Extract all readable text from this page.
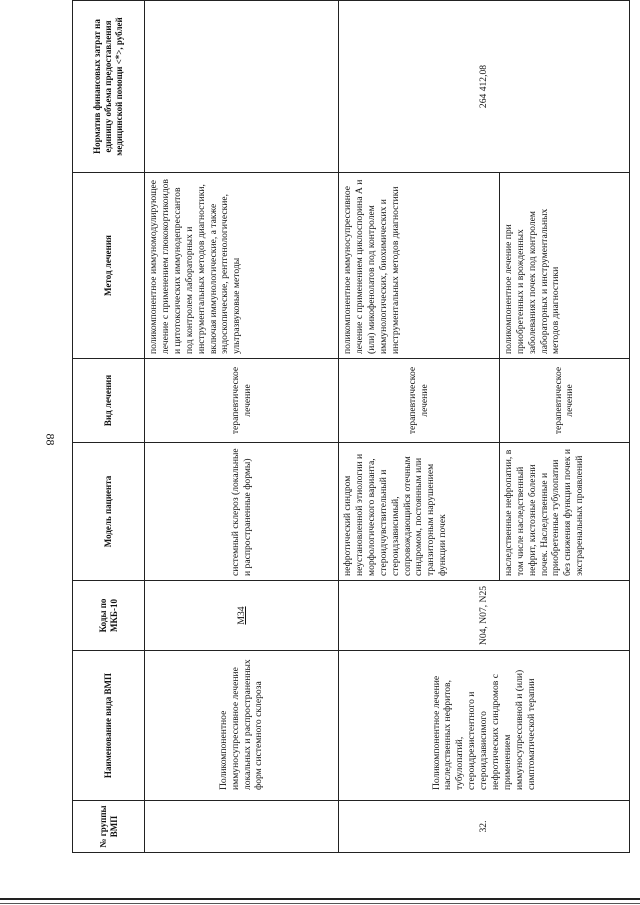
88
№ группы ВМП	Наименование вида ВМП	Коды по МКБ-10	Модель пациента	Вид лечения	Метод лечения	Норматив финансовых затрат на единицу объема предоставления медицинской помощи <*>, рублей
	Поликомпонентное иммуносупрессивное лечение локальных и распространенных форм системного склероза	M34	системный склероз (локальные и распространенные формы)	терапевтическое лечение	поликомпонентное иммуномодулирующее лечение с применением глюкокортикоидов и цитотоксических иммунодепрессантов под контролем лабораторных и инструментальных методов диагностики, включая иммунологические, а также эндоскопические, рентгенологические, ультразвуковые методы	
32.	Поликомпонентное лечение наследственных нефритов, тубулопатий, стероидрезистентного и стероидзависимого нефротических синдромов с применением иммуносупрессивной и (или) симптоматической терапии	N04, N07, N25	нефротический синдром неустановленной этиологии и морфологического варианта, стероидчувствительный и стероидзависимый, сопровождающийся отечным синдромом, постоянным или транзиторным нарушением функции почек	терапевтическое лечение	поликомпонентное иммуносупрессивное лечение с применением циклоспорина А и (или) микофенолатов под контролем иммунологических, биохимических и инструментальных методов диагностики	264 412,08
			наследственные нефропатии, в том числе наследственный нефрит, кистозные болезни почек. Наследственные и приобретенные тубулопатии без снижения функции почек и экстраренальных проявлений	терапевтическое лечение	поликомпонентное лечение при приобретенных и врожденных заболеваниях почек под контролем лабораторных и инструментальных методов диагностики	
